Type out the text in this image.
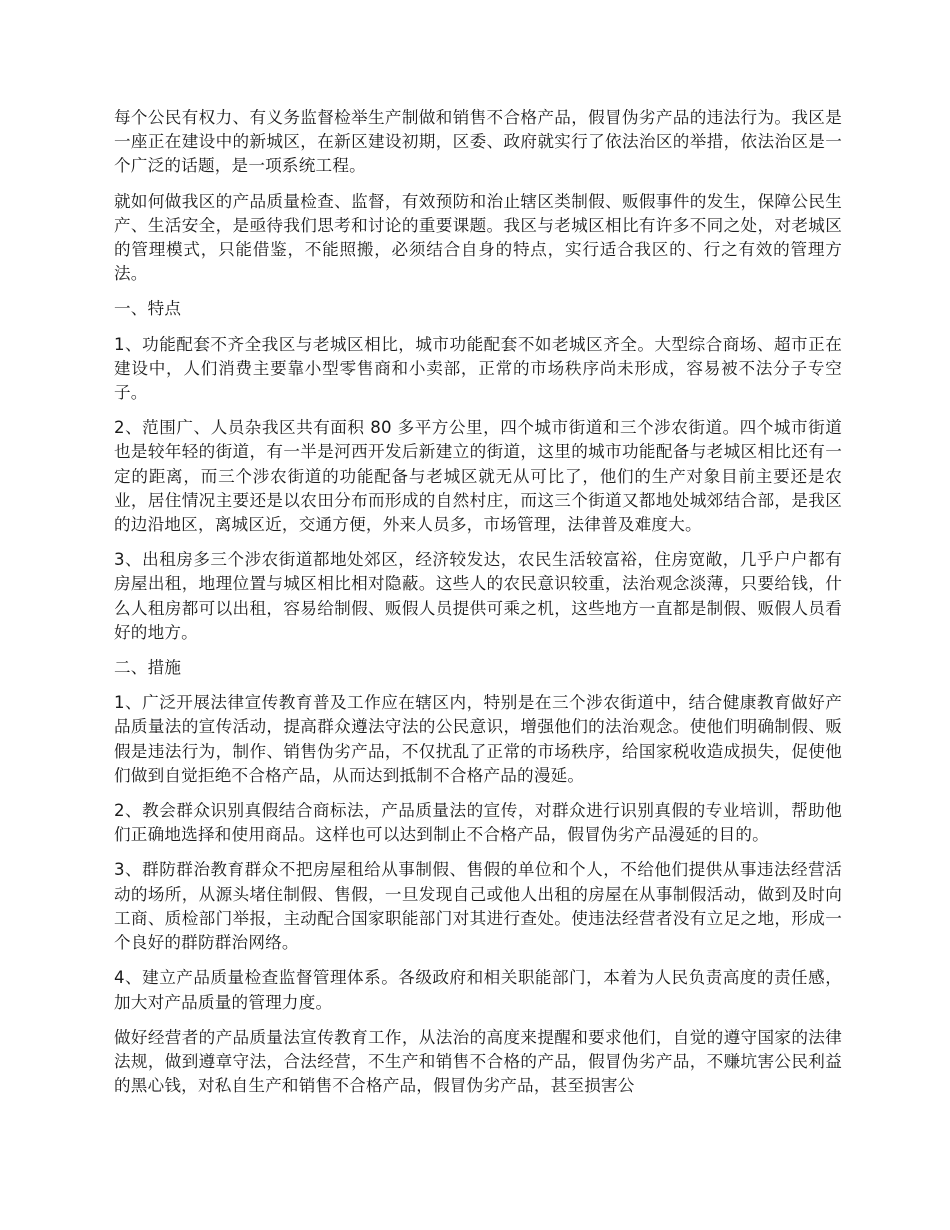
每个公民有权力、有义务监督检举生产制做和销售不合格产品，假冒伪劣产品的违法行为。我区是一座正在建设中的新城区，在新区建设初期，区委、政府就实行了依法治区的举措，依法治区是一个广泛的话题，是一项系统工程。

就如何做我区的产品质量检查、监督，有效预防和治止辖区类制假、贩假事件的发生，保障公民生产、生活安全，是亟待我们思考和讨论的重要课题。我区与老城区相比有许多不同之处，对老城区的管理模式，只能借鉴，不能照搬，必须结合自身的特点，实行适合我区的、行之有效的管理方法。

一、特点

1、功能配套不齐全我区与老城区相比，城市功能配套不如老城区齐全。大型综合商场、超市正在建设中，人们消费主要靠小型零售商和小卖部，正常的市场秩序尚未形成，容易被不法分子专空子。

2、范围广、人员杂我区共有面积 80 多平方公里，四个城市街道和三个涉农街道。四个城市街道也是较年轻的街道，有一半是河西开发后新建立的街道，这里的城市功能配备与老城区相比还有一定的距离，而三个涉农街道的功能配备与老城区就无从可比了，他们的生产对象目前主要还是农业，居住情况主要还是以农田分布而形成的自然村庄，而这三个街道又都地处城郊结合部，是我区的边沿地区，离城区近，交通方便，外来人员多，市场管理，法律普及难度大。

3、出租房多三个涉农街道都地处郊区，经济较发达，农民生活较富裕，住房宽敞，几乎户户都有房屋出租，地理位置与城区相比相对隐蔽。这些人的农民意识较重，法治观念淡薄，只要给钱，什么人租房都可以出租，容易给制假、贩假人员提供可乘之机，这些地方一直都是制假、贩假人员看好的地方。

二、措施

1、广泛开展法律宣传教育普及工作应在辖区内，特别是在三个涉农街道中，结合健康教育做好产品质量法的宣传活动，提高群众遵法守法的公民意识，增强他们的法治观念。使他们明确制假、贩假是违法行为，制作、销售伪劣产品，不仅扰乱了正常的市场秩序，给国家税收造成损失，促使他们做到自觉拒绝不合格产品，从而达到抵制不合格产品的漫延。

2、教会群众识别真假结合商标法，产品质量法的宣传，对群众进行识别真假的专业培训，帮助他们正确地选择和使用商品。这样也可以达到制止不合格产品，假冒伪劣产品漫延的目的。

3、群防群治教育群众不把房屋租给从事制假、售假的单位和个人，不给他们提供从事违法经营活动的场所，从源头堵住制假、售假，一旦发现自己或他人出租的房屋在从事制假活动，做到及时向工商、质检部门举报，主动配合国家职能部门对其进行查处。使违法经营者没有立足之地，形成一个良好的群防群治网络。

4、建立产品质量检查监督管理体系。各级政府和相关职能部门，本着为人民负责高度的责任感，加大对产品质量的管理力度。

做好经营者的产品质量法宣传教育工作，从法治的高度来提醒和要求他们，自觉的遵守国家的法律法规，做到遵章守法，合法经营，不生产和销售不合格的产品，假冒伪劣产品，不赚坑害公民利益的黑心钱，对私自生产和销售不合格产品，假冒伪劣产品，甚至损害公
